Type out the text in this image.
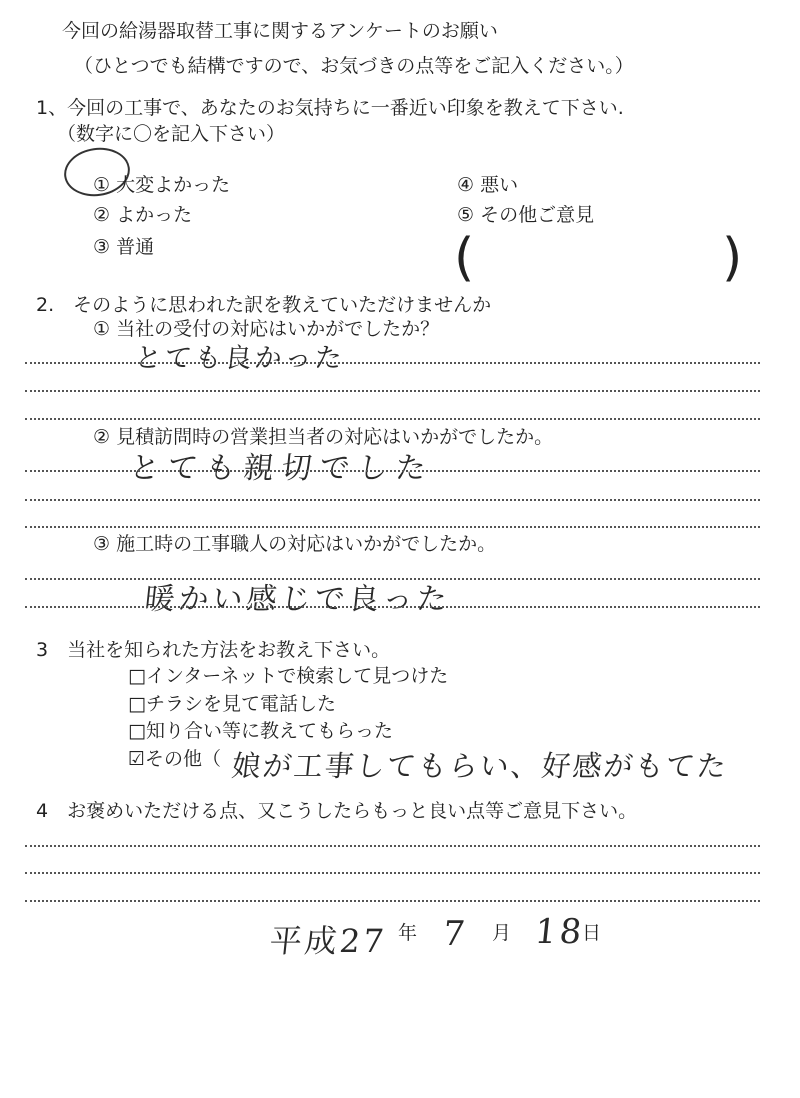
今回の給湯器取替工事に関するアンケートのお願い
（ひとつでも結構ですので、お気づきの点等をご記入ください。）
1、今回の工事で、あなたのお気持ちに一番近い印象を教えて下さい.
（数字に〇を記入下さい）
① 大変よかった
② よかった
③ 普通
④ 悪い
⑤ その他ご意見
(	)
2.　そのように思われた訳を教えていただけませんか
① 当社の受付の対応はいかがでしたか？
とても良かった
② 見積訪問時の営業担当者の対応はいかがでしたか。
とても親切でした
③ 施工時の工事職人の対応はいかがでしたか。
暖かい感じで良った
3　当社を知られた方法をお教え下さい。
□インターネットで検索して見つけた
□チラシを見て電話した
□知り合い等に教えてもらった
☑その他（ 娘が工事してもらい、好感がもてた
4　お褒めいただける点、又こうしたらもっと良い点等ご意見下さい。
平成27 年 7 月 18
日
